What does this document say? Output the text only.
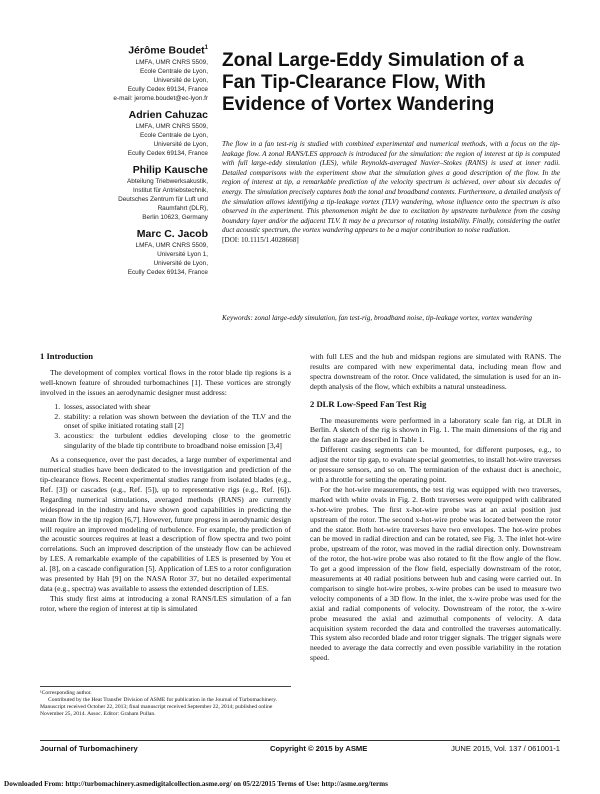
Jérôme Boudet$^1$
LMFA, UMR CNRS 5509,
Ecole Centrale de Lyon,
Université de Lyon,
Ecully Cedex 69134, France
e-mail: jerome.boudet@ec-lyon.fr
Adrien Cahuzac
LMFA, UMR CNRS 5509,
Ecole Centrale de Lyon,
Université de Lyon,
Ecully Cedex 69134, France
Philip Kausche
Abteilung Triebwerksakustik,
Institut für Antriebstechnik,
Deutsches Zentrum für Luft und
Raumfahrt (DLR),
Berlin 10623, Germany
Marc C. Jacob
LMFA, UMR CNRS 5509,
Université Lyon 1,
Université de Lyon,
Ecully Cedex 69134, France
Zonal Large-Eddy Simulation of a Fan Tip-Clearance Flow, With Evidence of Vortex Wandering
The flow in a fan test-rig is studied with combined experimental and numerical methods, with a focus on the tip-leakage flow. A zonal RANS/LES approach is introduced for the simulation: the region of interest at tip is computed with full large-eddy simulation (LES), while Reynolds-averaged Navier–Stokes (RANS) is used at inner radii. Detailed comparisons with the experiment show that the simulation gives a good description of the flow. In the region of interest at tip, a remarkable prediction of the velocity spectrum is achieved, over about six decades of energy. The simulation precisely captures both the tonal and broadband contents. Furthermore, a detailed analysis of the simulation allows identifying a tip-leakage vortex (TLV) wandering, whose influence onto the spectrum is also observed in the experiment. This phenomenon might be due to excitation by upstream turbulence from the casing boundary layer and/or the adjacent TLV. It may be a precursor of rotating instability. Finally, considering the outlet duct acoustic spectrum, the vortex wandering appears to be a major contribution to noise radiation.
[DOI: 10.1115/1.4028668]
Keywords: zonal large-eddy simulation, fan test-rig, broadband noise, tip-leakage vortex, vortex wandering
1 Introduction

The development of complex vortical flows in the rotor blade tip regions is a well-known feature of shrouded turbomachines [1]. These vortices are strongly involved in the issues an aerodynamic designer must address:

1. losses, associated with shear
2. stability: a relation was shown between the deviation of the TLV and the onset of spike initiated rotating stall [2]
3. acoustics: the turbulent eddies developing close to the geometric singularity of the blade tip contribute to broadband noise emission [3,4]

As a consequence, over the past decades, a large number of experimental and numerical studies have been dedicated to the investigation and prediction of the tip-clearance flows. Recent experimental studies range from isolated blades (e.g., Ref. [3]) or cascades (e.g., Ref. [5]), up to representative rigs (e.g., Ref. [6]). Regarding numerical simulations, averaged methods (RANS) are currently widespread in the industry and have shown good capabilities in predicting the mean flow in the tip region [6,7]. However, future progress in aerodynamic design will require an improved modeling of turbulence. For example, the prediction of the acoustic sources requires at least a description of flow spectra and two point correlations. Such an improved description of the unsteady flow can be achieved by LES. A remarkable example of the capabilities of LES is presented by You et al. [8], on a cascade configuration [5]. Application of LES to a rotor configuration was presented by Hah [9] on the NASA Rotor 37, but no detailed experimental data (e.g., spectra) was available to assess the extended description of LES.

This study first aims at introducing a zonal RANS/LES simulation of a fan rotor, where the region of interest at tip is simulated

¹Corresponding author.
Contributed by the Heat Transfer Division of ASME for publication in the Journal of Turbomachinery. Manuscript received October 22, 2013; final manuscript received September 22, 2014; published online November 25, 2014. Assoc. Editor: Graham Pullan.

with full LES and the hub and midspan regions are simulated with RANS. The results are compared with new experimental data, including mean flow and spectra downstream of the rotor. Once validated, the simulation is used for an in-depth analysis of the flow, which exhibits a natural unsteadiness.

2 DLR Low-Speed Fan Test Rig

The measurements were performed in a laboratory scale fan rig, at DLR in Berlin. A sketch of the rig is shown in Fig. 1. The main dimensions of the rig and the fan stage are described in Table 1.

Different casing segments can be mounted, for different purposes, e.g., to adjust the rotor tip gap, to evaluate special geometries, to install hot-wire traverses or pressure sensors, and so on. The termination of the exhaust duct is anechoic, with a throttle for setting the operating point.

For the hot-wire measurements, the test rig was equipped with two traverses, marked with white ovals in Fig. 2. Both traverses were equipped with calibrated x-hot-wire probes. The first x-hot-wire probe was at an axial position just upstream of the rotor. The second x-hot-wire probe was located between the rotor and the stator. Both hot-wire traverses have two envelopes. The hot-wire probes can be moved in radial direction and can be rotated, see Fig. 3. The inlet hot-wire probe, upstream of the rotor, was moved in the radial direction only. Downstream of the rotor, the hot-wire probe was also rotated to fit the flow angle of the flow. To get a good impression of the flow field, especially downstream of the rotor, measurements at 40 radial positions between hub and casing were carried out. In comparison to single hot-wire probes, x-wire probes can be used to measure two velocity components of a 3D flow. In the inlet, the x-wire probe was used for the axial and radial components of velocity. Downstream of the rotor, the x-wire probe measured the axial and azimuthal components of velocity. A data acquisition system recorded the data and controlled the traverses automatically. This system also recorded blade and rotor trigger signals. The trigger signals were needed to average the data correctly and even possible variability in the rotation speed.

Journal of Turbomachinery	Copyright © 2015 by ASME	JUNE 2015, Vol. 137 / 061001-1
Downloaded From: http://turbomachinery.asmedigitalcollection.asme.org/ on 05/22/2015 Terms of Use: http://asme.org/terms
